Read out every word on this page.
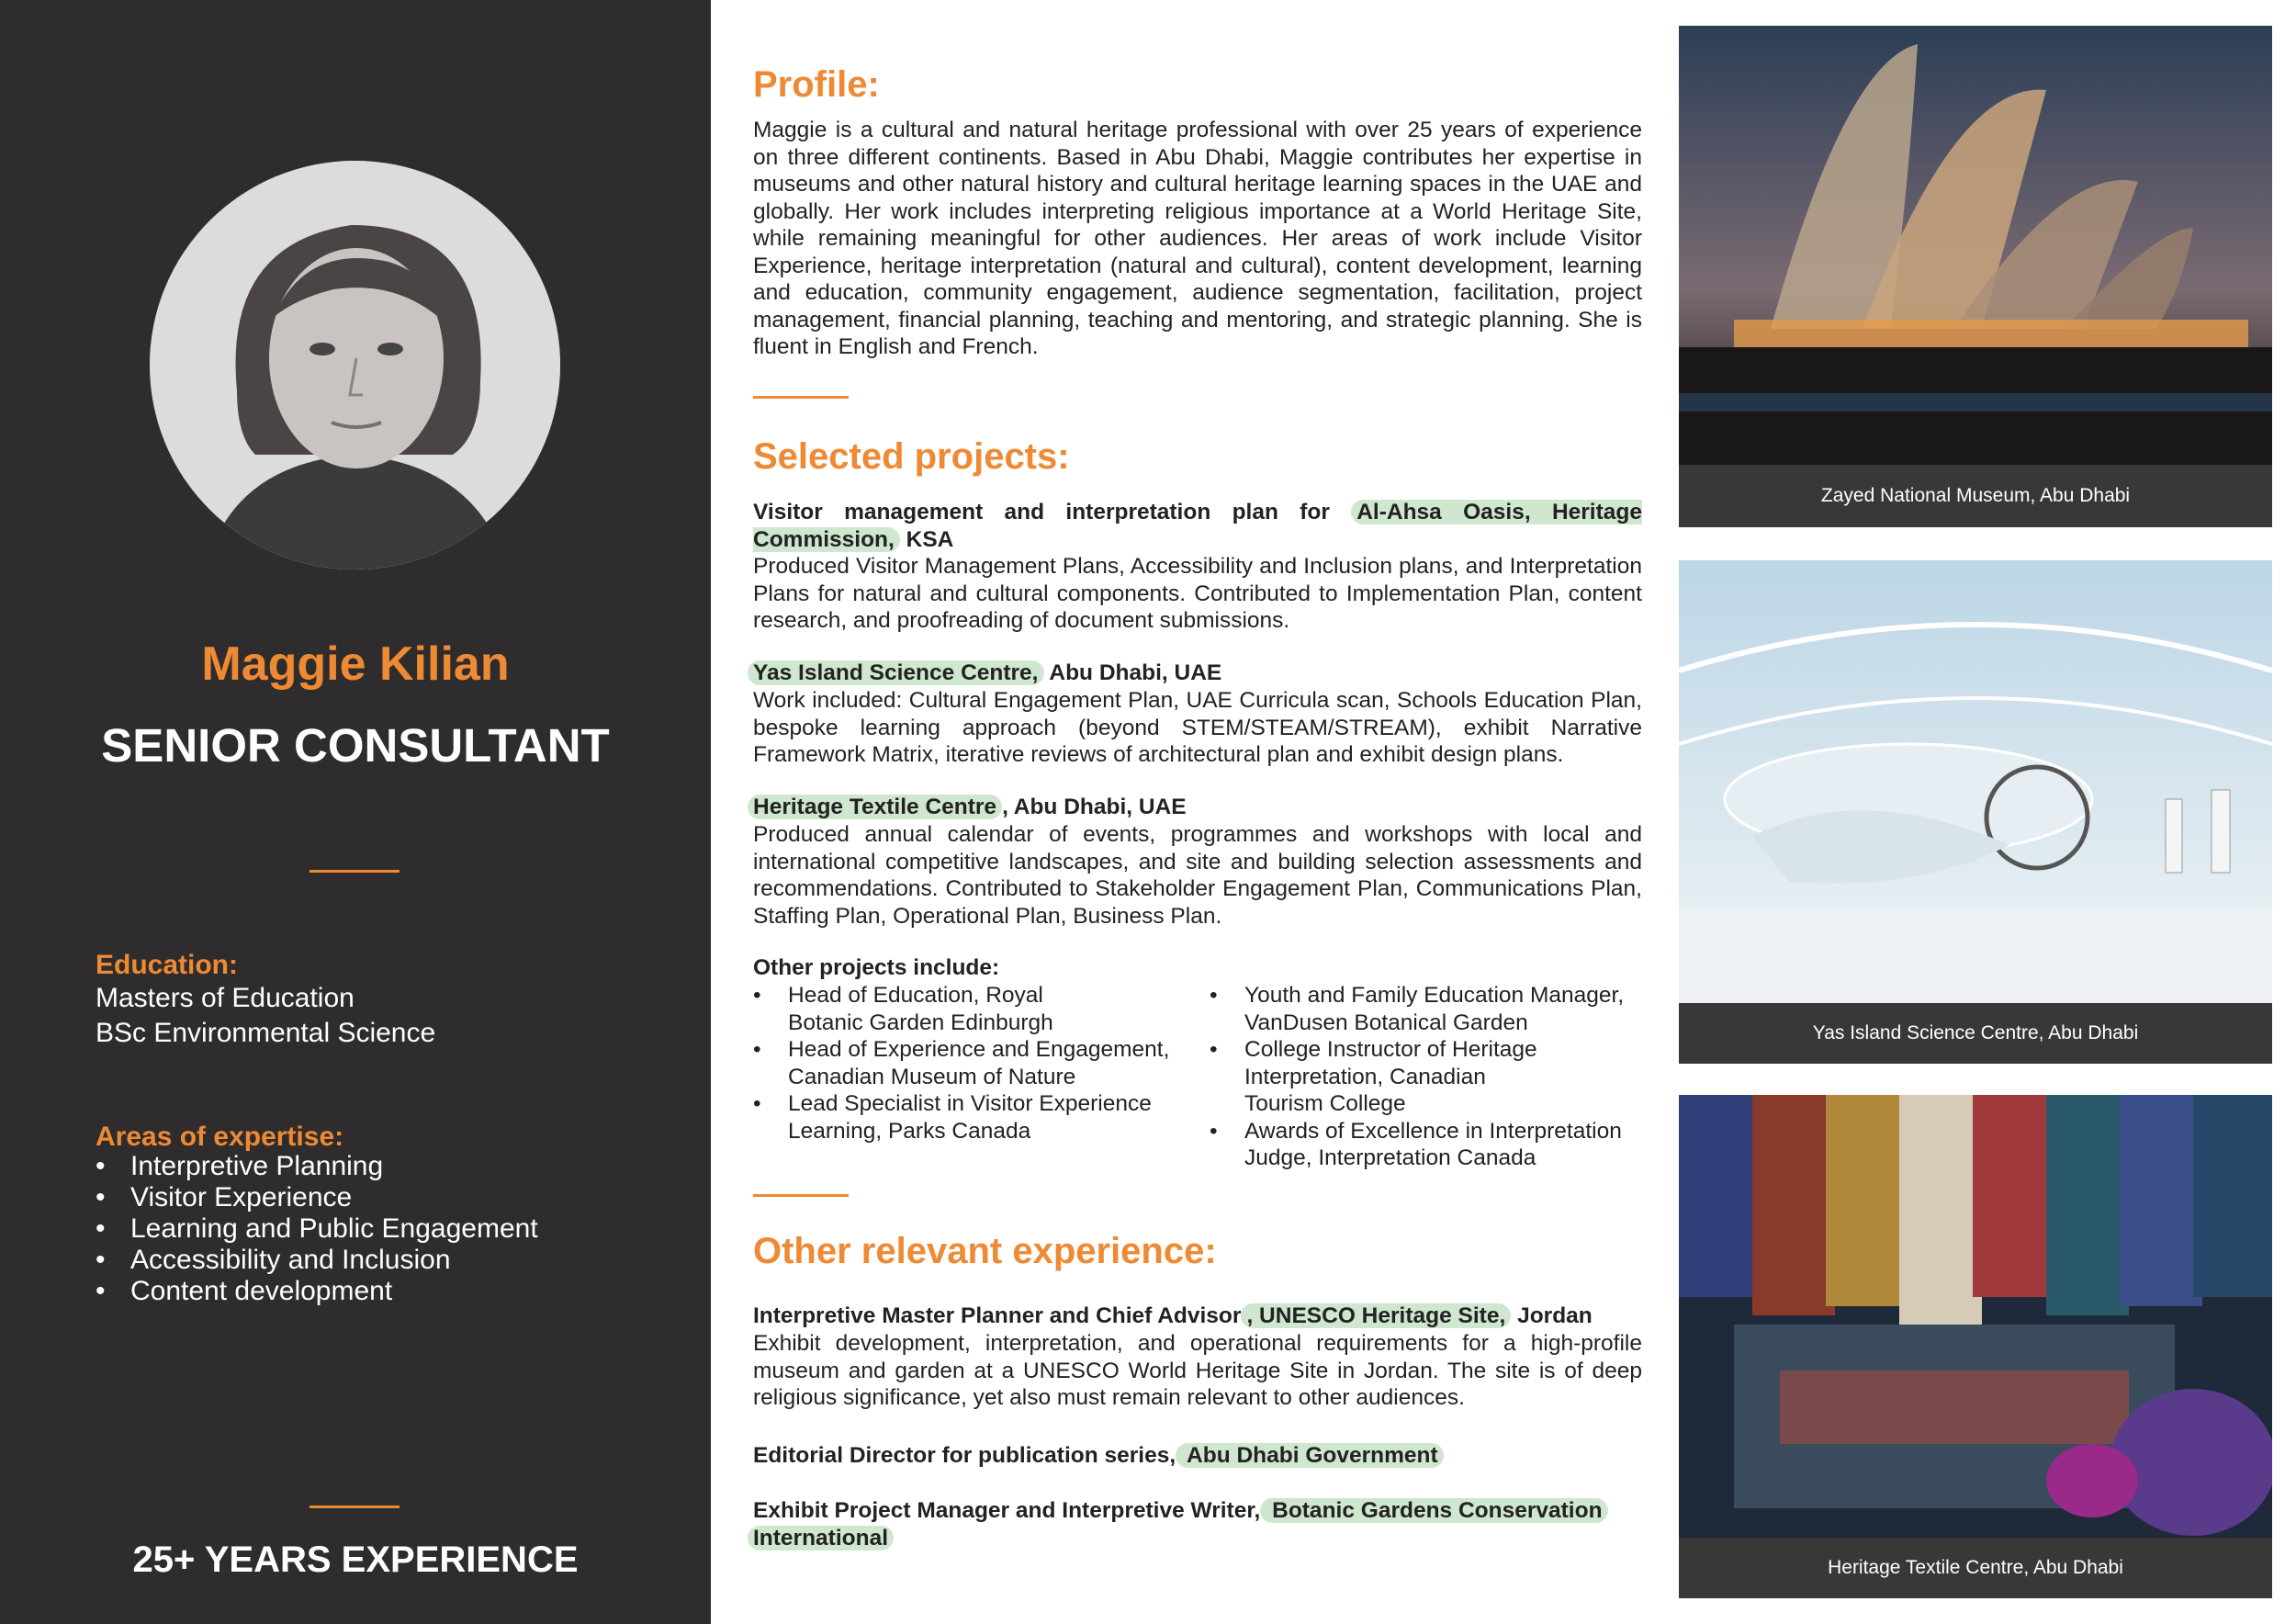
Maggie Kilian
SENIOR CONSULTANT
Education:
Masters of Education
BSc Environmental Science
Areas of expertise:
• Interpretive Planning
• Visitor Experience
• Learning and Public Engagement
• Accessibility and Inclusion
• Content development
25+ YEARS EXPERIENCE
Profile:
Maggie is a cultural and natural heritage professional with over 25 years of experience on three different continents. Based in Abu Dhabi, Maggie contributes her expertise in museums and other natural history and cultural heritage learning spaces in the UAE and globally. Her work includes interpreting religious importance at a World Heritage Site, while remaining meaningful for other audiences. Her areas of work include Visitor Experience, heritage interpretation (natural and cultural), content development, learning and education, community engagement, audience segmentation, facilitation, project management, financial planning, teaching and mentoring, and strategic planning. She is fluent in English and French.
Selected projects:
Visitor management and interpretation plan for Al-Ahsa Oasis, Heritage Commission, KSA
Produced Visitor Management Plans, Accessibility and Inclusion plans, and Interpretation Plans for natural and cultural components. Contributed to Implementation Plan, content research, and proofreading of document submissions.
Yas Island Science Centre, Abu Dhabi, UAE
Work included: Cultural Engagement Plan, UAE Curricula scan, Schools Education Plan, bespoke learning approach (beyond STEM/STEAM/STREAM), exhibit Narrative Framework Matrix, iterative reviews of architectural plan and exhibit design plans.
Heritage Textile Centre , Abu Dhabi, UAE
Produced annual calendar of events, programmes and workshops with local and international competitive landscapes, and site and building selection assessments and recommendations. Contributed to Stakeholder Engagement Plan, Communications Plan, Staffing Plan, Operational Plan, Business Plan.
Other projects include:
• Head of Education, Royal
Botanic Garden Edinburgh
• Head of Experience and Engagement,
Canadian Museum of Nature
• Lead Specialist in Visitor Experience
Learning, Parks Canada
• Youth and Family Education Manager,
VanDusen Botanical Garden
• College Instructor of Heritage
Interpretation, Canadian
Tourism College
• Awards of Excellence in Interpretation
Judge, Interpretation Canada
Other relevant experience:
Interpretive Master Planner and Chief Advisor , UNESCO Heritage Site, Jordan
Exhibit development, interpretation, and operational requirements for a high-profile museum and garden at a UNESCO World Heritage Site in Jordan. The site is of deep religious significance, yet also must remain relevant to other audiences.
Editorial Director for publication series, Abu Dhabi Government
Exhibit Project Manager and Interpretive Writer, Botanic Gardens Conservation
International
Zayed National Museum, Abu Dhabi
Yas Island Science Centre, Abu Dhabi
Heritage Textile Centre, Abu Dhabi
